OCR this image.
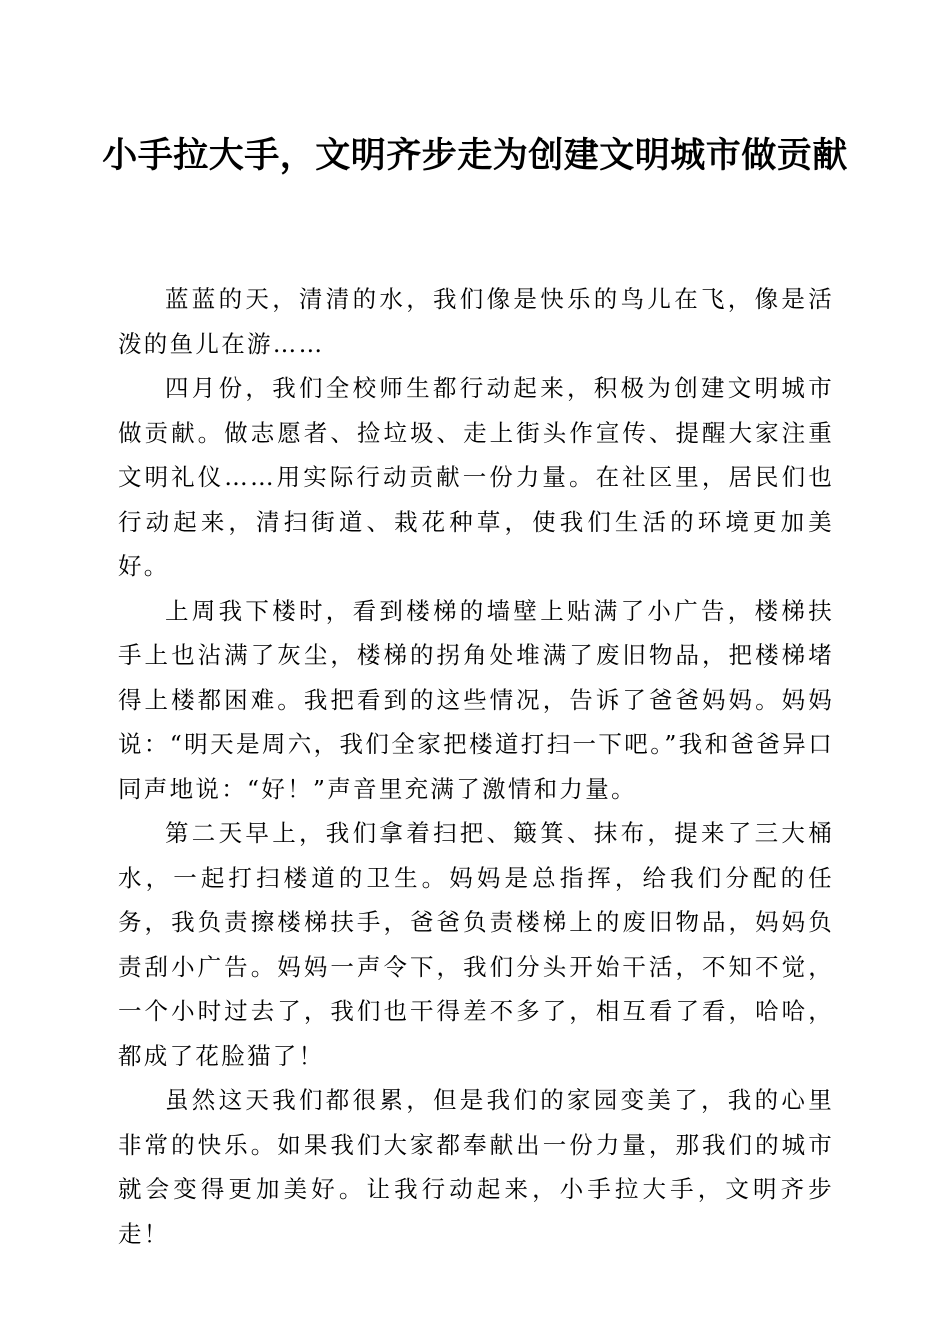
小手拉大手，文明齐步走为创建文明城市做贡献

蓝蓝的天，清清的水，我们像是快乐的鸟儿在飞，像是活泼的鱼儿在游……

四月份，我们全校师生都行动起来，积极为创建文明城市做贡献。做志愿者、捡垃圾、走上街头作宣传、提醒大家注重文明礼仪……用实际行动贡献一份力量。在社区里，居民们也行动起来，清扫街道、栽花种草，使我们生活的环境更加美好。

上周我下楼时，看到楼梯的墙壁上贴满了小广告，楼梯扶手上也沾满了灰尘，楼梯的拐角处堆满了废旧物品，把楼梯堵得上楼都困难。我把看到的这些情况，告诉了爸爸妈妈。妈妈说：“明天是周六，我们全家把楼道打扫一下吧。”我和爸爸异口同声地说：“好！”声音里充满了激情和力量。

第二天早上，我们拿着扫把、簸箕、抹布，提来了三大桶水，一起打扫楼道的卫生。妈妈是总指挥，给我们分配的任务，我负责擦楼梯扶手，爸爸负责楼梯上的废旧物品，妈妈负责刮小广告。妈妈一声令下，我们分头开始干活，不知不觉，一个小时过去了，我们也干得差不多了，相互看了看，哈哈，都成了花脸猫了！

虽然这天我们都很累，但是我们的家园变美了，我的心里非常的快乐。如果我们大家都奉献出一份力量，那我们的城市就会变得更加美好。让我行动起来，小手拉大手，文明齐步走！
